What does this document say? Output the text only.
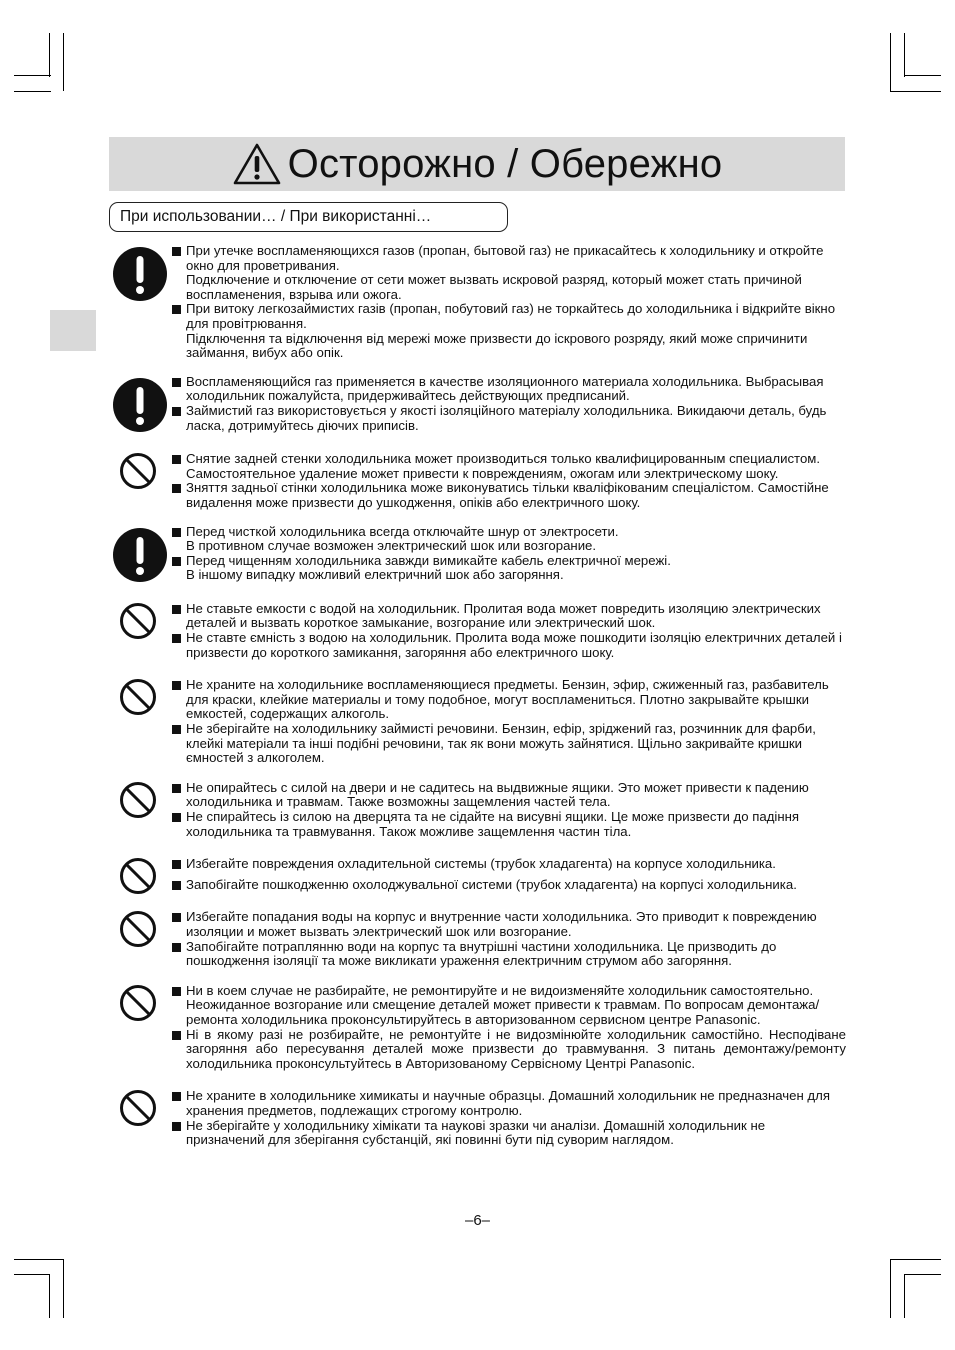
Осторожно / Обережно
При использовании… / При використанні…
При утечке воспламеняющихся газов (пропан, бытовой газ) не прикасайтесь к холодильнику и откройте окно для проветривания.
Подключение и отключение от сети может вызвать искровой разряд, который может стать причиной воспламенения, взрыва или ожога.
При витоку легкозаймистих газів (пропан, побутовий газ) не торкайтесь до холодильника і відкрийте вікно для провітрювання.
Підключення та відключення від мережі може призвести до іскрового розряду, який може спричинити займання, вибух або опік.
Воспламеняющийся газ применяется в качестве изоляционного материала холодильника. Выбрасывая холодильник пожалуйста, придерживайтесь действующих предписаний.
Займистий газ використовується у якості ізоляційного матеріалу холодильника. Викидаючи деталь, будь ласка, дотримуйтесь діючих приписів.
Снятие задней стенки холодильника может производиться только квалифицированным специалистом. Самостоятельное удаление может привести к повреждениям, ожогам или электрическому шоку.
Зняття задньої стінки холодильника може виконуватись тільки кваліфікованим спеціалістом. Самостійне видалення може призвести до ушкодження, опіків або електричного шоку.
Перед чисткой холодильника всегда отключайте шнур от электросети.
В противном случае возможен электрический шок или возгорание.
Перед чищенням холодильника завжди вимикайте кабель електричної мережі.
В іншому випадку можливий електричний шок або загоряння.
Не ставьте емкости с водой на холодильник. Пролитая вода может повредить изоляцию электрических деталей и вызвать короткое замыкание, возгорание или электрический шок.
Не ставте ємність з водою на холодильник. Пролита вода може пошкодити ізоляцію електричних деталей і призвести до короткого замикання, загоряння або електричного шоку.
Не храните на холодильнике воспламеняющиеся предметы. Бензин, эфир, сжиженный газ, разбавитель для краски, клейкие материалы и тому подобное, могут воспламениться. Плотно закрывайте крышки емкостей, содержащих алкоголь.
Не зберігайте на холодильнику займисті речовини. Бензин, ефір, зріджений газ, розчинник для фарби, клейкі матеріали та інші подібні речовини, так як вони можуть зайнятися. Щільно закривайте кришки ємностей з алкоголем.
Не опирайтесь с силой на двери и не садитесь на выдвижные ящики. Это может привести к падению холодильника и травмам. Также возможны защемления частей тела.
Не спирайтесь із силою на дверцята та не сідайте на висувні ящики. Це може призвести до падіння холодильника та травмування. Також можливе защемлення частин тіла.
Избегайте повреждения охладительной системы (трубок хладагента) на корпусе холодильника.
Запобігайте пошкодженню охолоджувальної системи (трубок хладагента) на корпусі холодильника.
Избегайте попадания воды на корпус и внутренние части холодильника. Это приводит к повреждению изоляции и может вызвать электрический шок или возгорание.
Запобігайте потраплянню води на корпус та внутрішні частини холодильника. Це призводить до пошкодження ізоляції та може викликати ураження електричним струмом або загоряння.
Ни в коем случае не разбирайте, не ремонтируйте и не видоизменяйте холодильник самостоятельно. Неожиданное возгорание или смещение деталей может привести к травмам. По вопросам демонтажа/ремонта холодильника проконсультируйтесь в авторизованном сервисном центре Panasonic.
Ні в якому разі не розбирайте, не ремонтуйте і не видозмінюйте холодильник самостійно. Несподіване загоряння або пересування деталей може призвести до травмування. З питань демонтажу/ремонту холодильника проконсультуйтесь в Авторизованому Сервісному Центрі Panasonic.
Не храните в холодильнике химикаты и научные образцы. Домашний холодильник не предназначен для хранения предметов, подлежащих строгому контролю.
Не зберігайте у холодильнику хімікати та наукові зразки чи аналізи. Домашній холодильник не призначений для зберігання субстанцій, які повинні бути під суворим наглядом.
–6–
